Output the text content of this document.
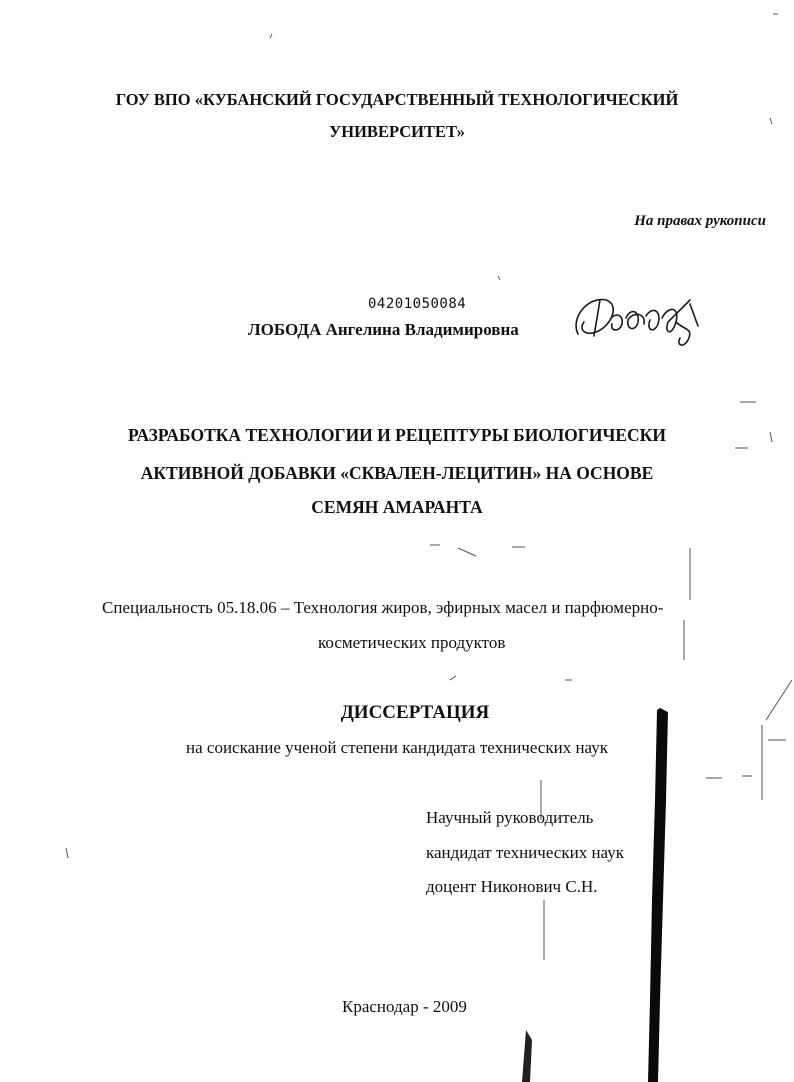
ГОУ ВПО «КУБАНСКИЙ ГОСУДАРСТВЕННЫЙ ТЕХНОЛОГИЧЕСКИЙ
УНИВЕРСИТЕТ»
На правах рукописи
04201050084
ЛОБОДА Ангелина Владимировна
РАЗРАБОТКА ТЕХНОЛОГИИ И РЕЦЕПТУРЫ БИОЛОГИЧЕСКИ
АКТИВНОЙ ДОБАВКИ «СКВАЛЕН-ЛЕЦИТИН» НА ОСНОВЕ
СЕМЯН АМАРАНТА
Специальность 05.18.06 – Технология жиров, эфирных масел и парфюмерно-
косметических продуктов
ДИССЕРТАЦИЯ
на соискание ученой степени кандидата технических наук
Научный руководитель
кандидат технических наук
доцент Никонович С.Н.
Краснодар - 2009
